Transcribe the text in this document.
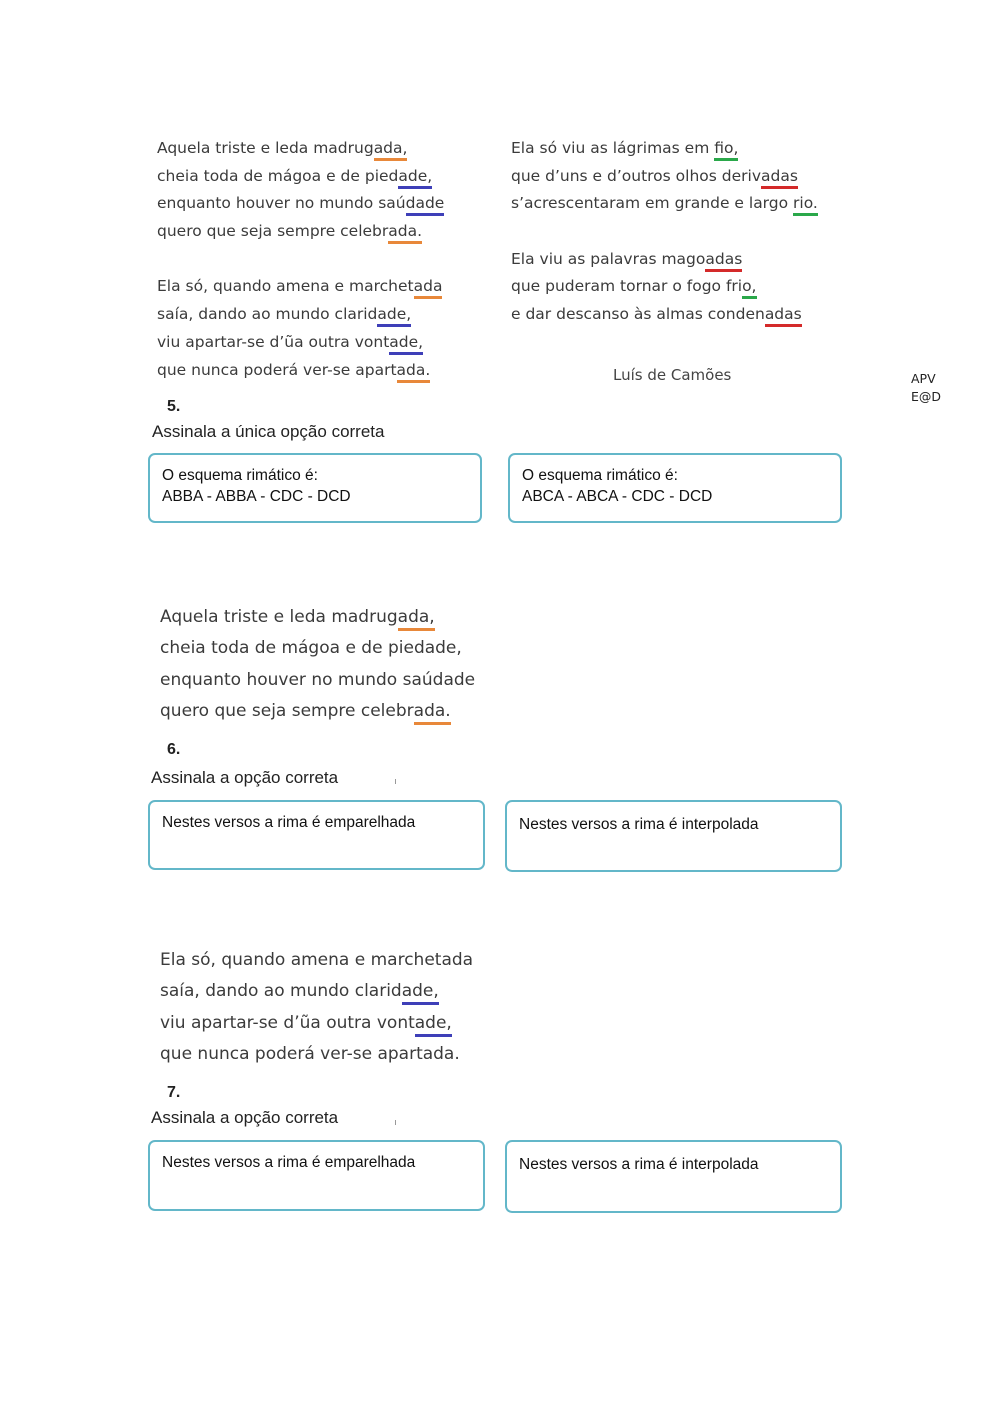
Aquela triste e leda madrugada,
cheia toda de mágoa e de piedade,
enquanto houver no mundo saúdade
quero que seja sempre celebrada.
Ela só, quando amena e marchetada
saía, dando ao mundo claridade,
viu apartar-se d’ũa outra vontade,
que nunca poderá ver-se apartada.
Ela só viu as lágrimas em fio,
que d’uns e d’outros olhos derivadas
s’acrescentaram em grande e largo rio.
Ela viu as palavras magoadas
que puderam tornar o fogo frio,
e dar descanso às almas condenadas
Luís de Camões	APV
E@D
5.
Assinala a única opção correta
O esquema rimático é:
ABBA - ABBA - CDC - DCD
O esquema rimático é:
ABCA - ABCA - CDC - DCD
Aquela triste e leda madrugada,
cheia toda de mágoa e de piedade,
enquanto houver no mundo saúdade
quero que seja sempre celebrada.
6.
Assinala a opção correta
Nestes versos a rima é emparelhada	Nestes versos a rima é interpolada
Ela só, quando amena e marchetada
saía, dando ao mundo claridade,
viu apartar-se d’ũa outra vontade,
que nunca poderá ver-se apartada.
7.
Assinala a opção correta
Nestes versos a rima é emparelhada	Nestes versos a rima é interpolada
